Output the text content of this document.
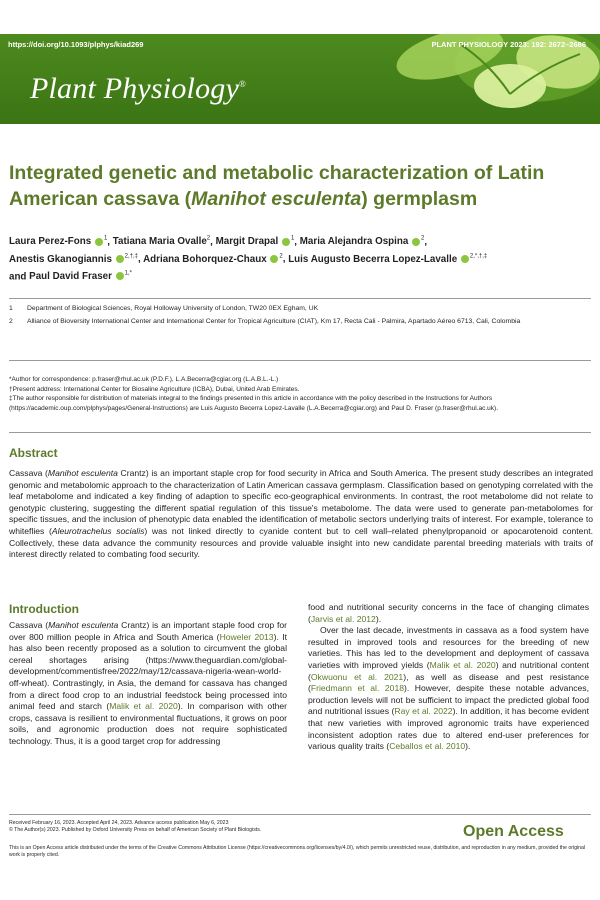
https://doi.org/10.1093/plphys/kiad269	PLANT PHYSIOLOGY 2023: 192: 2672–2686
Plant Physiology®
Integrated genetic and metabolic characterization of Latin American cassava (Manihot esculenta) germplasm
Laura Perez-Fons $^1$, Tatiana Maria Ovalle$^2$, Margit Drapal $^1$, Maria Alejandra Ospina $^2$,
Anestis Gkanogiannis $^{2,\dagger,\ddagger}$, Adriana Bohorquez-Chaux $^2$, Luis Augusto Becerra Lopez-Lavalle $^{2,*,\dagger,\ddagger}$
and Paul David Fraser $^{1,*}$
1	Department of Biological Sciences, Royal Holloway University of London, TW20 0EX Egham, UK
2	Alliance of Bioversity International Center and International Center for Tropical Agriculture (CIAT), Km 17, Recta Cali - Palmira, Apartado Aéreo 6713, Cali, Colombia
*Author for correspondence: p.fraser@rhul.ac.uk (P.D.F.), L.A.Becerra@cgiar.org (L.A.B.L.-L.)
†Present address: International Center for Biosaline Agriculture (ICBA), Dubai, United Arab Emirates.
‡The author responsible for distribution of materials integral to the findings presented in this article in accordance with the policy described in the Instructions for Authors (https://academic.oup.com/plphys/pages/General-Instructions) are Luis Augusto Becerra Lopez-Lavalle (L.A.Becerra@cgiar.org) and Paul D. Fraser (p.fraser@rhul.ac.uk).
Abstract
Cassava (Manihot esculenta Crantz) is an important staple crop for food security in Africa and South America. The present study describes an integrated genomic and metabolomic approach to the characterization of Latin American cassava germplasm. Classification based on genotyping correlated with the leaf metabolome and indicated a key finding of adaption to specific eco-geographical environments. In contrast, the root metabolome did not relate to genotypic clustering, suggesting the different spatial regulation of this tissue's metabolome. The data were used to generate pan-metabolomes for specific tissues, and the inclusion of phenotypic data enabled the identification of metabolic sectors underlying traits of interest. For example, tolerance to whiteflies (Aleurotrachelus socialis) was not linked directly to cyanide content but to cell wall–related phenylpropanoid or apocarotenoid content. Collectively, these data advance the community resources and provide valuable insight into new candidate parental breeding materials with traits of interest directly related to combating food security.
Introduction

Cassava (Manihot esculenta Crantz) is an important staple food crop for over 800 million people in Africa and South America (Howeler 2013). It has also been recently proposed as a solution to circumvent the global cereal shortages arising (https://www.theguardian.com/global-development/commentisfree/2022/may/12/cassava-nigeria-wean-world-off-wheat). Contrastingly, in Asia, the demand for cassava has changed from a direct food crop to an industrial feedstock being processed into animal feed and starch (Malik et al. 2020). In comparison with other crops, cassava is resilient to environmental fluctuations, it grows on poor soils, and agronomic production does not require sophisticated technology. Thus, it is a good target crop for addressing

food and nutritional security concerns in the face of changing climates (Jarvis et al. 2012).

Over the last decade, investments in cassava as a food system have resulted in improved tools and resources for the breeding of new varieties. This has led to the development and deployment of cassava varieties with improved yields (Malik et al. 2020) and nutritional content (Okwuonu et al. 2021), as well as disease and pest resistance (Friedmann et al. 2018). However, despite these notable advances, production levels will not be sufficient to impact the predicted global food and nutritional issues (Ray et al. 2022). In addition, it has become evident that new varieties with improved agronomic traits have experienced inconsistent adoption rates due to altered end-user preferences for various quality traits (Ceballos et al. 2010).

Received February 16, 2023. Accepted April 24, 2023. Advance access publication May 6, 2023
© The Author(s) 2023. Published by Oxford University Press on behalf of American Society of Plant Biologists.	Open Access
This is an Open Access article distributed under the terms of the Creative Commons Attribution License (https://creativecommons.org/licenses/by/4.0/), which permits unrestricted reuse, distribution, and reproduction in any medium, provided the original work is properly cited.
